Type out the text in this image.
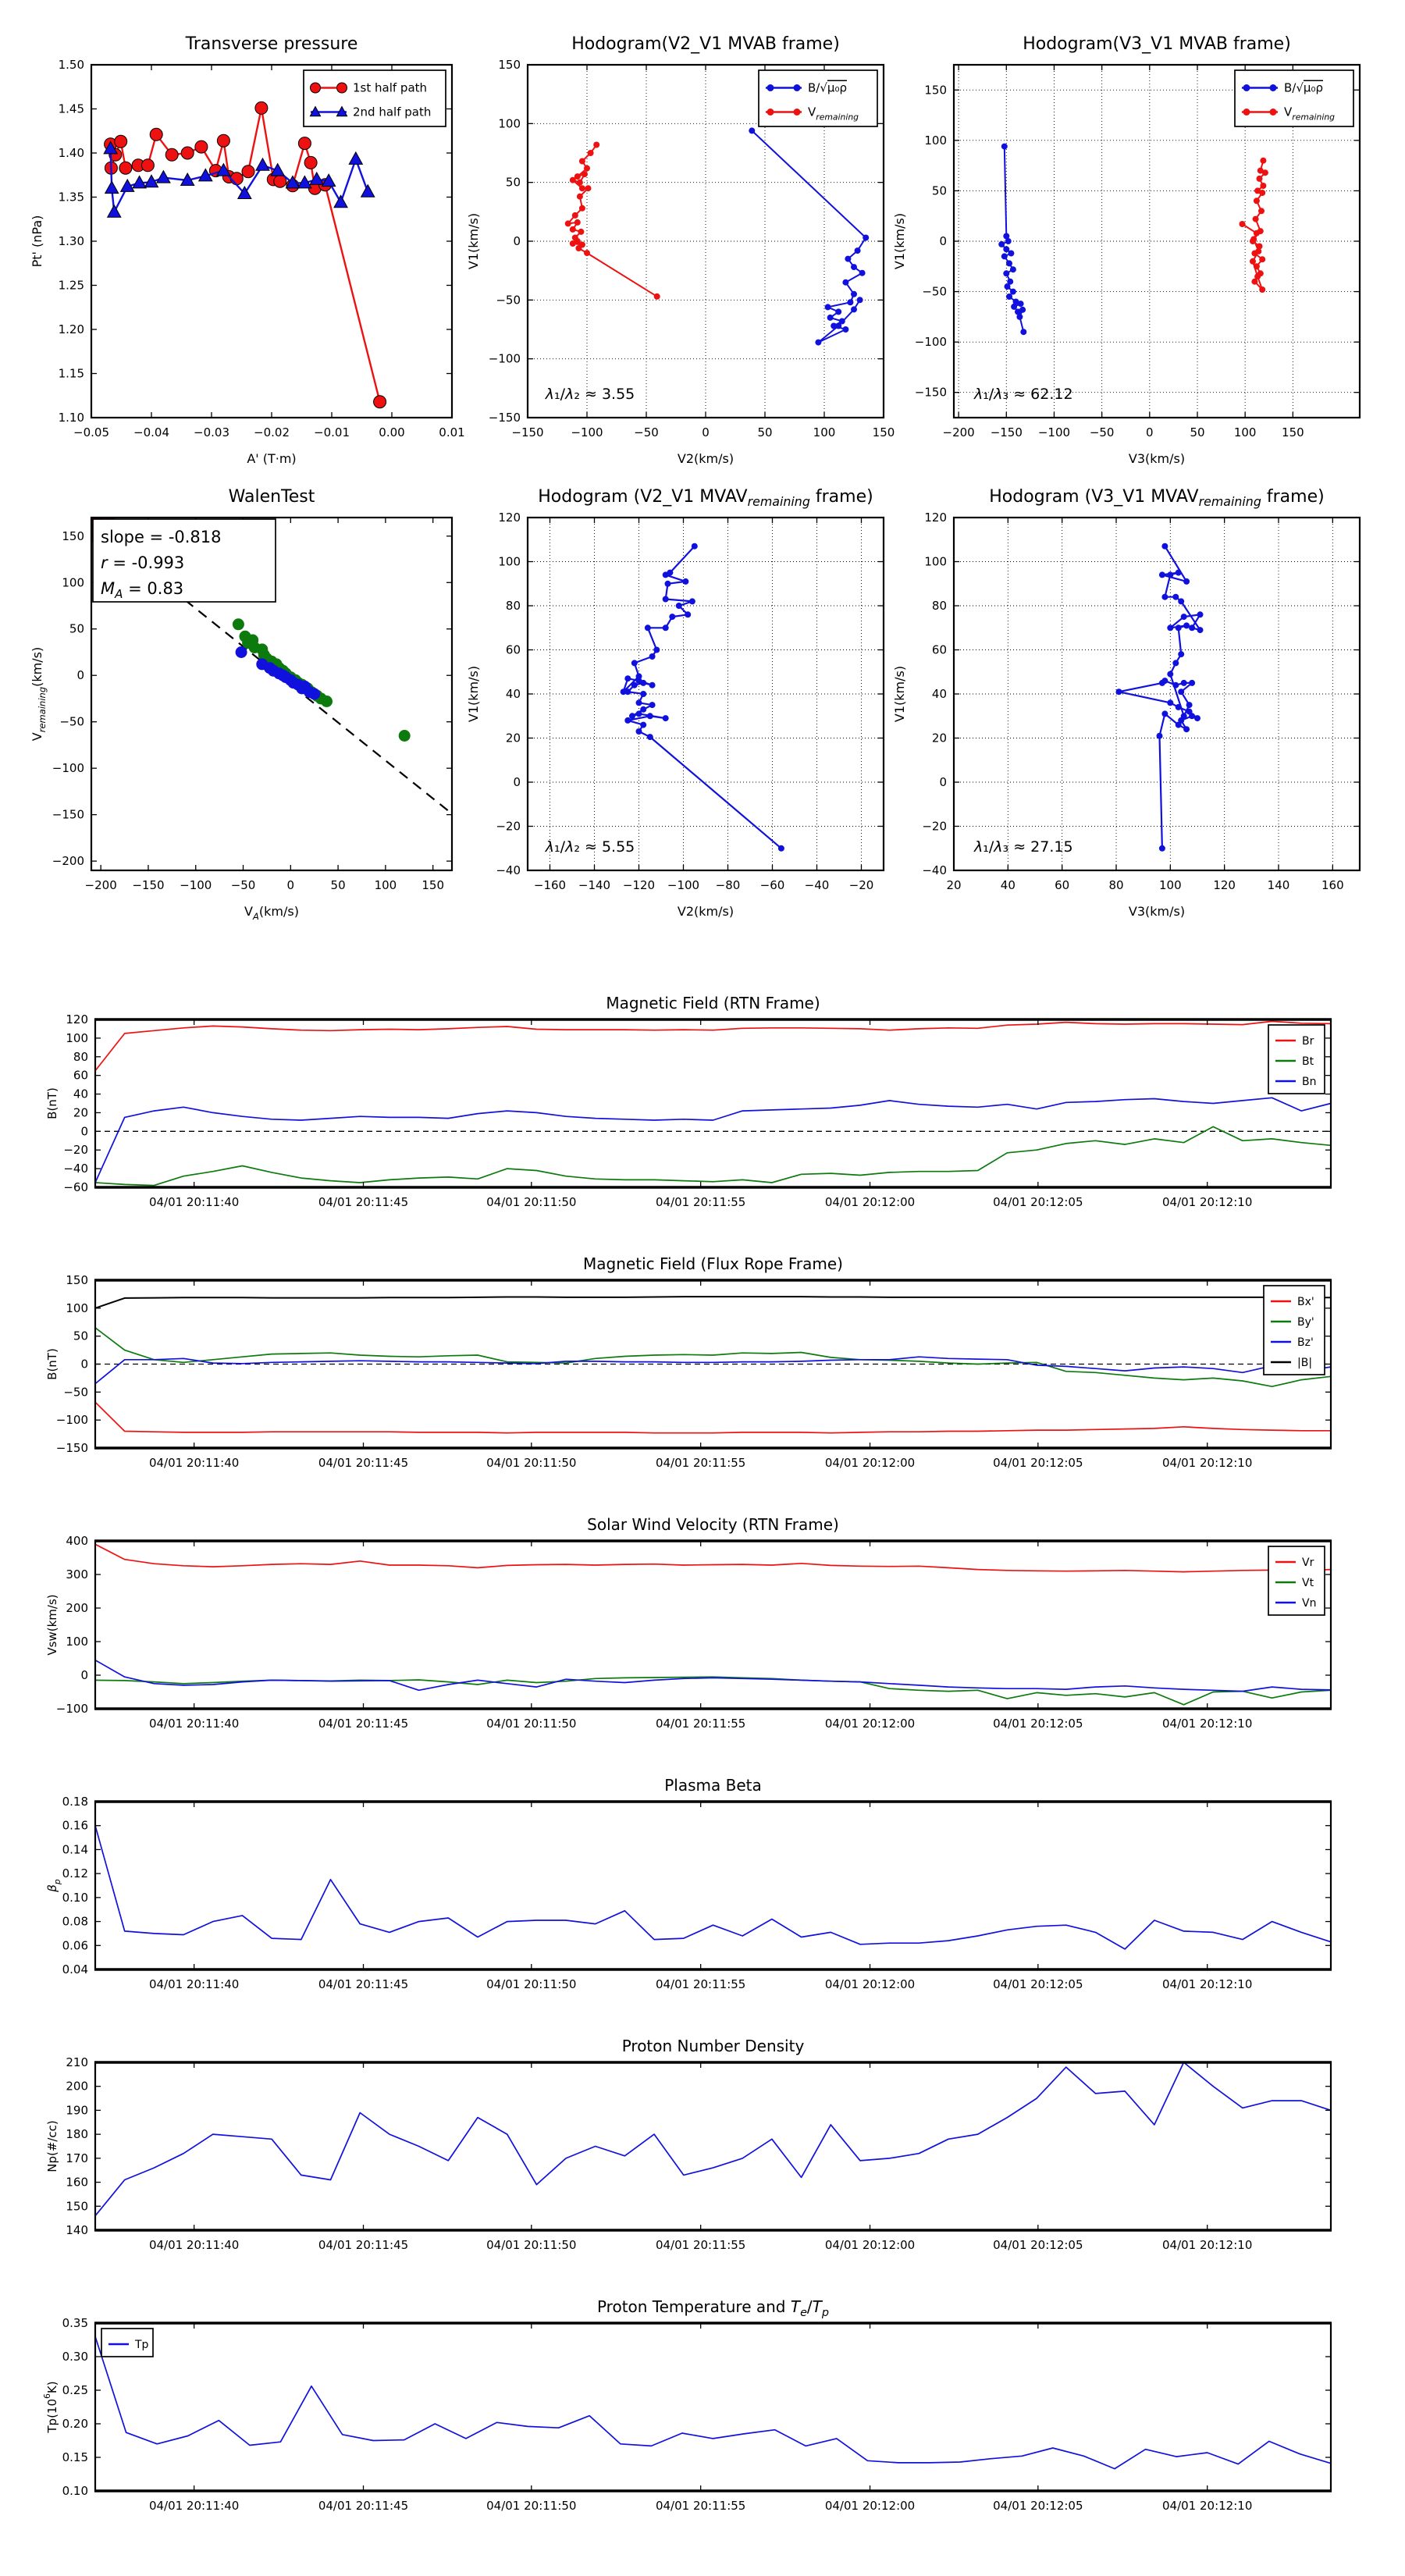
−0.05 −0.04 −0.03 −0.02 −0.01 0.00	0.01
1.10
1.15
1.20
1.25
1.30
1.35
1.40
1.45
1.50
Transverse pressure
A' (T·m)
Pt' (nPa)
1st half path
2nd half path
−150 −100	−50	0	50	100	150
−150
−100
−50
0
50
100
150
Hodogram(V2_V1 MVAB frame)
V2(km/s)
V1(km/s)
λ₁/λ₂ ≈ 3.55
B/√μ₀ρ
$V_{remaining}$
−200 −150 −100 −50	0	50 100 150
−150
−100
−50
0
50
100
150
Hodogram(V3_V1 MVAB frame)
V3(km/s)
V1(km/s)
λ₁/λ₃ ≈ 62.12
B/√μ₀ρ
$V_{remaining}$
−200 −150 −100 −50	0	50 100 150
−200
−150
−100
−50
0
50
100
150
WalenTest
$V_A(km/s)$
$V_{remaining}(km/s)$
slope = -0.818
r = -0.993
$M_A = 0.83$
−160 −140 −120 −100 −80 −60 −40 −20
−40
−20
0
20
40
60
80
100
120
Hodogram (V2_V1 $MVAV_{remaining}$ frame)
V2(km/s)
V1(km/s)
λ₁/λ₂ ≈ 5.55
20	40	60	80	100	120	140	160
−40
−20
0
20
40
60
80
100
120
Hodogram (V3_V1 $MVAV_{remaining}$ frame)
V3(km/s)
V1(km/s)
λ₁/λ₃ ≈ 27.15
04/01 20:11:40	04/01 20:11:45	04/01 20:11:50	04/01 20:11:55	04/01 20:12:00	04/01 20:12:05	04/01 20:12:10
−60
−40
−20
0
20
40
60
80
100
120
Magnetic Field (RTN Frame)
B(nT)
Br
Bt
Bn
04/01 20:11:40	04/01 20:11:45	04/01 20:11:50	04/01 20:11:55	04/01 20:12:00	04/01 20:12:05	04/01 20:12:10
−150
−100
−50
0
50
100
150
Magnetic Field (Flux Rope Frame)
B(nT)
Bx'
By'
Bz'
|B|
04/01 20:11:40	04/01 20:11:45	04/01 20:11:50	04/01 20:11:55	04/01 20:12:00	04/01 20:12:05	04/01 20:12:10
−100
0
100
200
300
400
Solar Wind Velocity (RTN Frame)
Vsw(km/s)
Vr
Vt
Vn
04/01 20:11:40	04/01 20:11:45	04/01 20:11:50	04/01 20:11:55	04/01 20:12:00	04/01 20:12:05	04/01 20:12:10
0.04
0.06
0.08
0.10
0.12
0.14
0.16
0.18
Plasma Beta
$\beta_p$
04/01 20:11:40	04/01 20:11:45	04/01 20:11:50	04/01 20:11:55	04/01 20:12:00	04/01 20:12:05	04/01 20:12:10
140
150
160
170
180
190
200
210
Proton Number Density
Np(#/cc)
04/01 20:11:40	04/01 20:11:45	04/01 20:11:50	04/01 20:11:55	04/01 20:12:00	04/01 20:12:05	04/01 20:12:10
0.10
0.15
0.20
0.25
0.30
0.35
Proton Temperature and $T_e/T_p$
$Tp(10^6K)$
Tp
